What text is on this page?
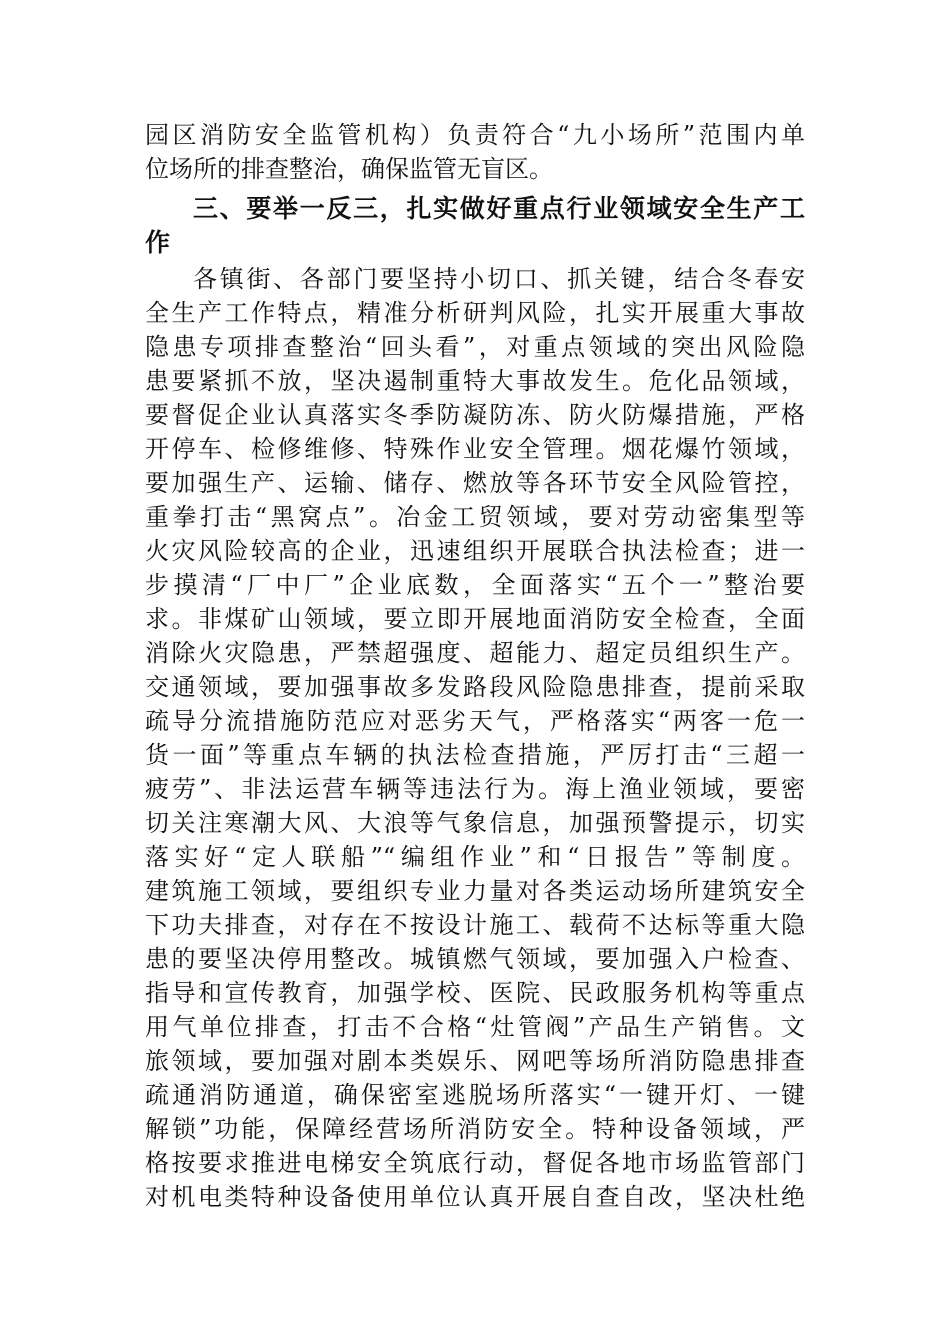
园区消防安全监管机构）负责符合“九小场所”范围内单
位场所的排查整治，确保监管无盲区。
三、要举一反三，扎实做好重点行业领域安全生产工
作
各镇街、各部门要坚持小切口、抓关键，结合冬春安
全生产工作特点，精准分析研判风险，扎实开展重大事故
隐患专项排查整治“回头看”，对重点领域的突出风险隐
患要紧抓不放，坚决遏制重特大事故发生。危化品领域，
要督促企业认真落实冬季防凝防冻、防火防爆措施，严格
开停车、检修维修、特殊作业安全管理。烟花爆竹领域，
要加强生产、运输、储存、燃放等各环节安全风险管控，
重拳打击“黑窝点”。冶金工贸领域，要对劳动密集型等
火灾风险较高的企业，迅速组织开展联合执法检查；进一
步摸清“厂中厂”企业底数，全面落实“五个一”整治要
求。非煤矿山领域，要立即开展地面消防安全检查，全面
消除火灾隐患，严禁超强度、超能力、超定员组织生产。
交通领域，要加强事故多发路段风险隐患排查，提前采取
疏导分流措施防范应对恶劣天气，严格落实“两客一危一
货一面”等重点车辆的执法检查措施，严厉打击“三超一
疲劳”、非法运营车辆等违法行为。海上渔业领域，要密
切关注寒潮大风、大浪等气象信息，加强预警提示，切实
落实好“定人联船”“编组作业”和“日报告”等制度。
建筑施工领域，要组织专业力量对各类运动场所建筑安全
下功夫排查，对存在不按设计施工、载荷不达标等重大隐
患的要坚决停用整改。城镇燃气领域，要加强入户检查、
指导和宣传教育，加强学校、医院、民政服务机构等重点
用气单位排查，打击不合格“灶管阀”产品生产销售。文
旅领域，要加强对剧本类娱乐、网吧等场所消防隐患排查
疏通消防通道，确保密室逃脱场所落实“一键开灯、一键
解锁”功能，保障经营场所消防安全。特种设备领域，严
格按要求推进电梯安全筑底行动，督促各地市场监管部门
对机电类特种设备使用单位认真开展自查自改，坚决杜绝
